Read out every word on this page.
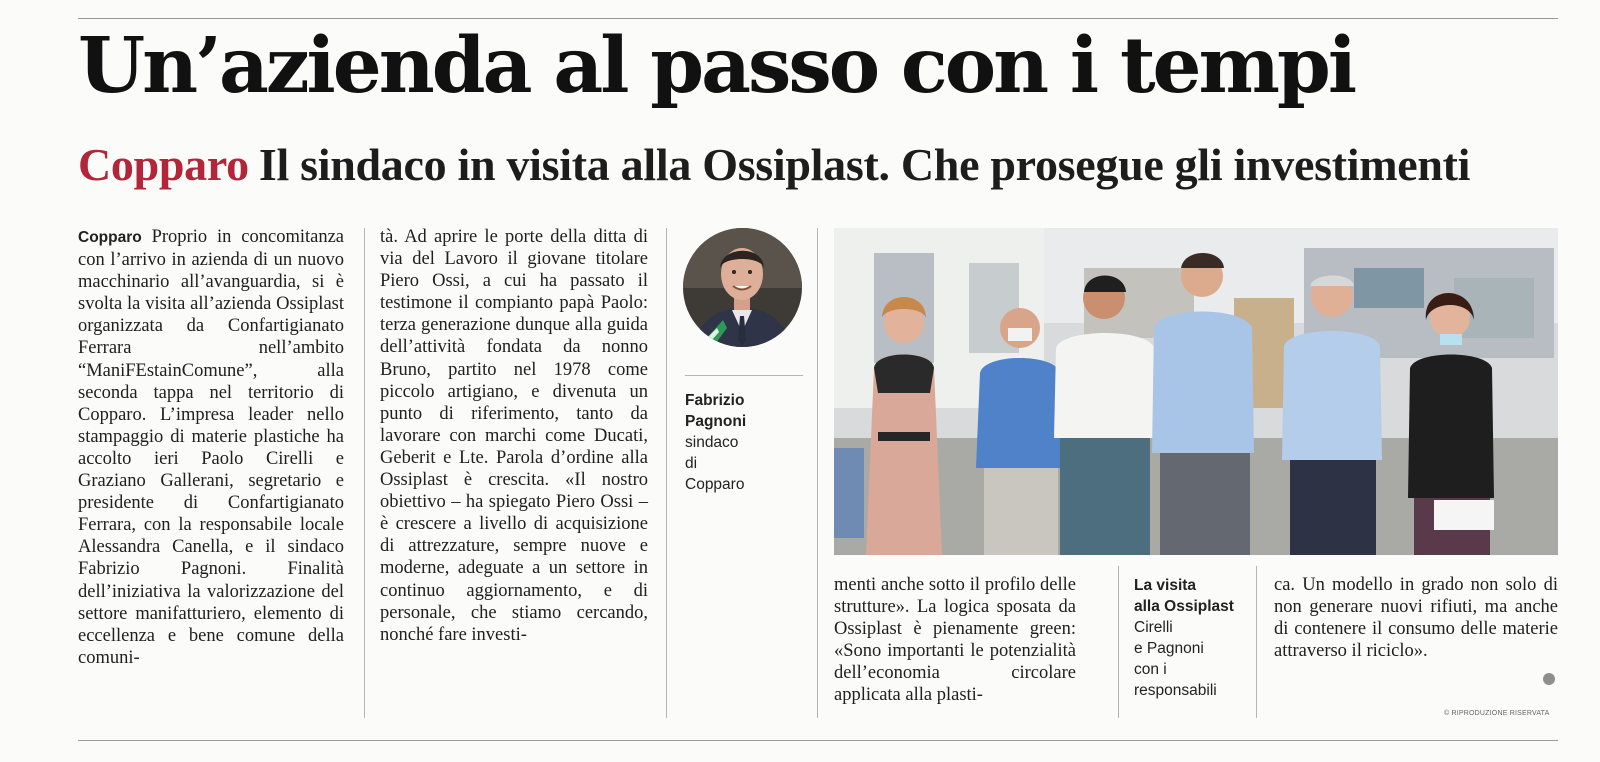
Un’azienda al passo con i tempi
Copparo Il sindaco in visita alla Ossiplast. Che prosegue gli investimenti

Copparo Proprio in concomitanza con l’arrivo in azienda di un nuovo macchinario all’avanguardia, si è svolta la visita all’azienda Ossiplast organizzata da Confartigianato Ferrara nell’ambito “ManiFEstainComune”, alla seconda tappa nel territorio di Copparo. L’impresa leader nello stampaggio di materie plastiche ha accolto ieri Paolo Cirelli e Graziano Gallerani, segretario e presidente di Confartigianato Ferrara, con la responsabile locale Alessandra Canella, e il sindaco Fabrizio Pagnoni. Finalità dell’iniziativa la valorizzazione del settore manifatturiero, elemento di eccellenza e bene comune della comuni-

tà. Ad aprire le porte della ditta di via del Lavoro il giovane titolare Piero Ossi, a cui ha passato il testimone il compianto papà Paolo: terza generazione dunque alla guida dell’attività fondata da nonno Bruno, partito nel 1978 come piccolo artigiano, e divenuta un punto di riferimento, tanto da lavorare con marchi come Ducati, Geberit e Lte. Parola d’ordine alla Ossiplast è crescita. «Il nostro obiettivo – ha spiegato Piero Ossi – è crescere a livello di acquisizione di attrezzature, sempre nuove e moderne, adeguate a un settore in continuo aggiornamento, e di personale, che stiamo cercando, nonché fare investi-

Fabrizio
Pagnoni
sindaco
di
Copparo

menti anche sotto il profilo delle strutture». La logica sposata da Ossiplast è pienamente green: «Sono importanti le potenzialità dell’economia circolare applicata alla plasti-

La visita
alla Ossiplast
Cirelli
e Pagnoni
con i
responsabili

ca. Un modello in grado non solo di non generare nuovi rifiuti, ma anche di contenere il consumo delle materie attraverso il riciclo».

© RIPRODUZIONE RISERVATA
